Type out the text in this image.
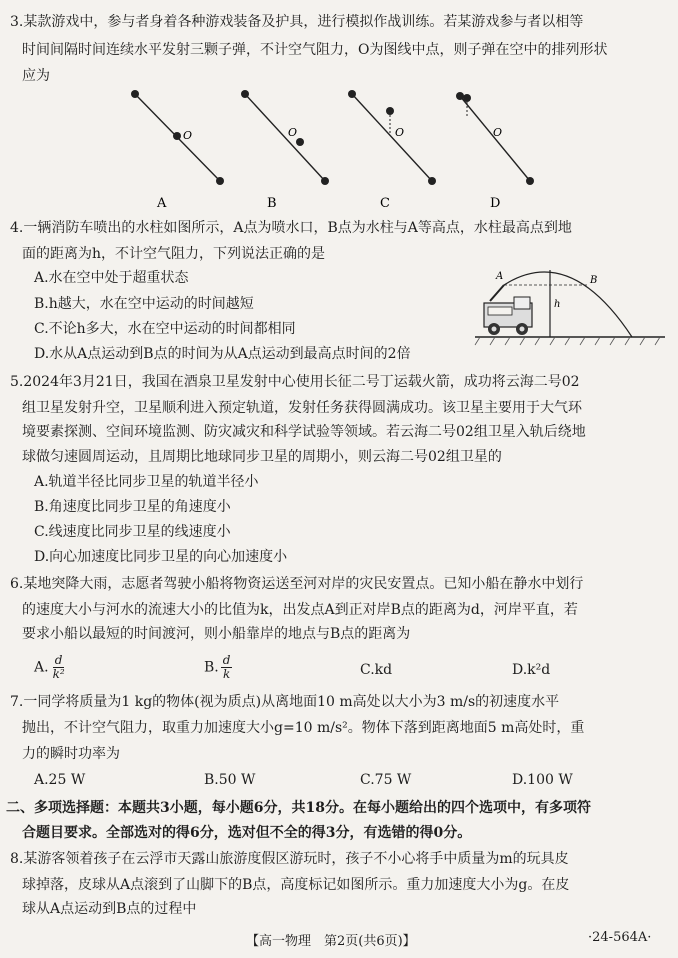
3.某款游戏中，参与者身着各种游戏装备及护具，进行模拟作战训练。若某游戏参与者以相等
时间间隔时间连续水平发射三颗子弹，不计空气阻力，O为图线中点，则子弹在空中的排列形状
应为
O
A
O
B
O
C
O
D
4.一辆消防车喷出的水柱如图所示，A点为喷水口，B点为水柱与A等高点，水柱最高点到地
面的距离为h，不计空气阻力，下列说法正确的是
A.水在空中处于超重状态
B.h越大，水在空中运动的时间越短
C.不论h多大，水在空中运动的时间都相同
D.水从A点运动到B点的时间为从A点运动到最高点时间的2倍
A	B
h
5.2024年3月21日，我国在酒泉卫星发射中心使用长征二号丁运载火箭，成功将云海二号02
组卫星发射升空，卫星顺利进入预定轨道，发射任务获得圆满成功。该卫星主要用于大气环
境要素探测、空间环境监测、防灾减灾和科学试验等领域。若云海二号02组卫星入轨后绕地
球做匀速圆周运动，且周期比地球同步卫星的周期小，则云海二号02组卫星的
A.轨道半径比同步卫星的轨道半径小
B.角速度比同步卫星的角速度小
C.线速度比同步卫星的线速度小
D.向心加速度比同步卫星的向心加速度小
6.某地突降大雨，志愿者驾驶小船将物资运送至河对岸的灾民安置点。已知小船在静水中划行
的速度大小与河水的流速大小的比值为k，出发点A到正对岸B点的距离为d，河岸平直，若
要求小船以最短的时间渡河，则小船靠岸的地点与B点的距离为
A. $\frac{d}{\text{k²}}$	B. $\frac{d}{k}$	C.kd	D.k²d
7.一同学将质量为1 kg的物体(视为质点)从离地面10 m高处以大小为3 m/s的初速度水平
抛出，不计空气阻力，取重力加速度大小g=10 m/s²。物体下落到距离地面5 m高处时，重
力的瞬时功率为
A.25 W	B.50 W	C.75 W	D.100 W
二、多项选择题：本题共3小题，每小题6分，共18分。在每小题给出的四个选项中，有多项符
合题目要求。全部选对的得6分，选对但不全的得3分，有选错的得0分。
8.某游客领着孩子在云浮市天露山旅游度假区游玩时，孩子不小心将手中质量为m的玩具皮
球掉落，皮球从A点滚到了山脚下的B点，高度标记如图所示。重力加速度大小为g。在皮
球从A点运动到B点的过程中
【高一物理　第2页(共6页)】	·24-564A·
